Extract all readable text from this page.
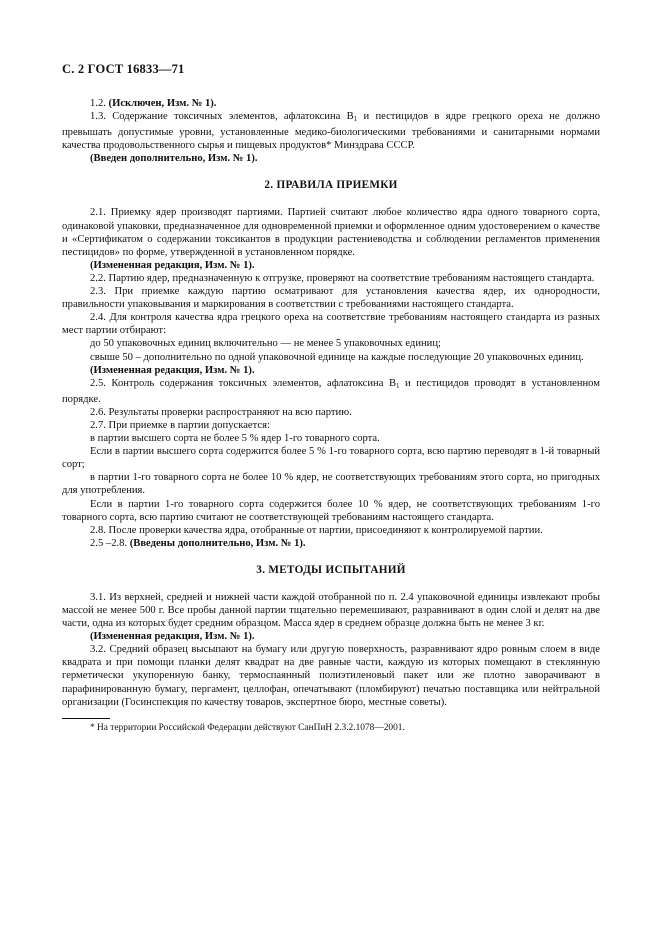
С. 2 ГОСТ 16833—71

1.2. (Исключен, Изм. № 1).

1.3. Содержание токсичных элементов, афлатоксина $B_1$ и пестицидов в ядре грецкого ореха не должно превышать допустимые уровни, установленные медико-биологическими требованиями и санитарными нормами качества продовольственного сырья и пищевых продуктов* Минздрава СССР.

(Введен дополнительно, Изм. № 1).

2. ПРАВИЛА ПРИЕМКИ

2.1. Приемку ядер производят партиями. Партией считают любое количество ядра одного товарного сорта, одинаковой упаковки, предназначенное для одновременной приемки и оформленное одним удостоверением о качестве и «Сертификатом о содержании токсикантов в продукции растениеводства и соблюдении регламентов применения пестицидов» по форме, утвержденной в установленном порядке.

(Измененная редакция, Изм. № 1).

2.2. Партию ядер, предназначенную к отгрузке, проверяют на соответствие требованиям настоящего стандарта.

2.3. При приемке каждую партию осматривают для установления качества ядер, их однородности, правильности упаковывания и маркирования в соответствии с требованиями настоящего стандарта.

2.4. Для контроля качества ядра грецкого ореха на соответствие требованиям настоящего стандарта из разных мест партии отбирают:

до 50 упаковочных единиц включительно — не менее 5 упаковочных единиц;

свыше 50 – дополнительно по одной упаковочной единице на каждые последующие 20 упаковочных единиц.

(Измененная редакция, Изм. № 1).

2.5. Контроль содержания токсичных элементов, афлатоксина $B_1$ и пестицидов проводят в установленном порядке.

2.6. Результаты проверки распространяют на всю партию.

2.7. При приемке в партии допускается:

в партии высшего сорта не более 5 % ядер 1-го товарного сорта.

Если в партии высшего сорта содержится более 5 % 1-го товарного сорта, всю партию переводят в 1-й товарный сорт;

в партии 1-го товарного сорта не более 10 % ядер, не соответствующих требованиям этого сорта, но пригодных для употребления.

Если в партии 1-го товарного сорта содержится более 10 % ядер, не соответствующих требованиям 1-го товарного сорта, всю партию считают не соответствующей требованиям настоящего стандарта.

2.8. После проверки качества ядра, отобранные от партии, присоединяют к контролируемой партии.

2.5 –2.8. (Введены дополнительно, Изм. № 1).

3. МЕТОДЫ ИСПЫТАНИЙ

3.1. Из верхней, средней и нижней части каждой отобранной по п. 2.4 упаковочной единицы извлекают пробы массой не менее 500 г. Все пробы данной партии тщательно перемешивают, разравнивают в один слой и делят на две части, одна из которых будет средним образцом. Масса ядер в среднем образце должна быть не менее 3 кг.

(Измененная редакция, Изм. № 1).

3.2. Средний образец высыпают на бумагу или другую поверхность, разравнивают ядро ровным слоем в виде квадрата и при помощи планки делят квадрат на две равные части, каждую из которых помещают в стеклянную герметически укупоренную банку, термоспаянный полиэтиленовый пакет или же плотно заворачивают в парафинированную бумагу, пергамент, целлофан, опечатывают (пломбируют) печатью поставщика или нейтральной организации (Госинспекция по качеству товаров, экспертное бюро, местные советы).

* На территории Российской Федерации действуют СанПиН 2.3.2.1078—2001.
